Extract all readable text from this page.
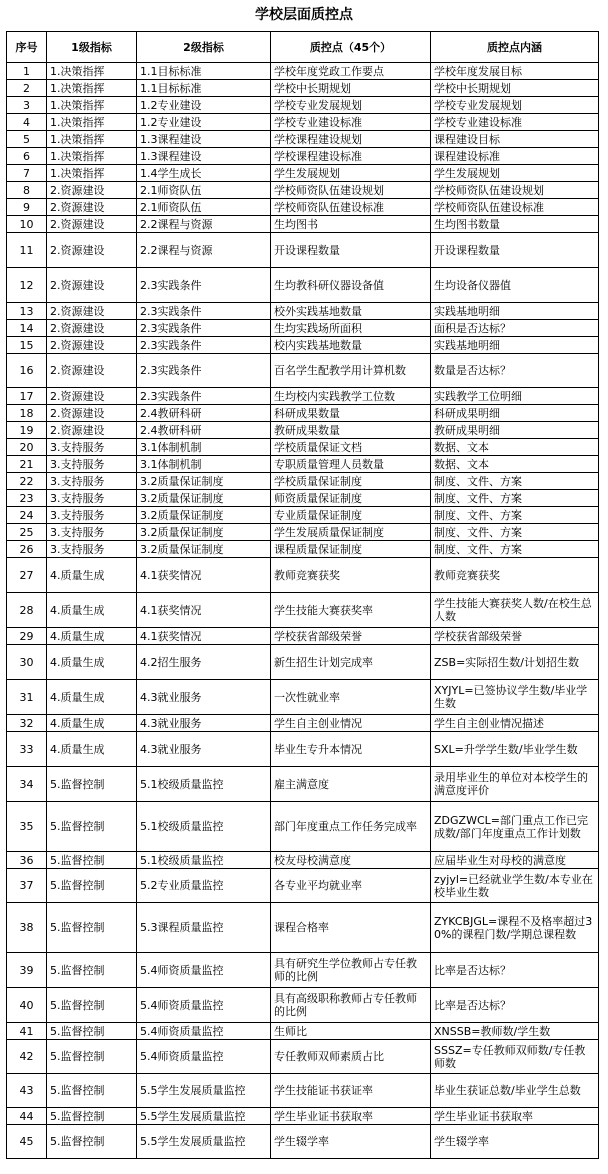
学校层面质控点
序号	1级指标	2级指标	质控点（45个）	质控点内涵
1	1.决策指挥	1.1目标标准	学校年度党政工作要点	学校年度发展目标
2	1.决策指挥	1.1目标标准	学校中长期规划	学校中长期规划
3	1.决策指挥	1.2专业建设	学校专业发展规划	学校专业发展规划
4	1.决策指挥	1.2专业建设	学校专业建设标准	学校专业建设标准
5	1.决策指挥	1.3课程建设	学校课程建设规划	课程建设目标
6	1.决策指挥	1.3课程建设	学校课程建设标准	课程建设标准
7	1.决策指挥	1.4学生成长	学生发展规划	学生发展规划
8	2.资源建设	2.1师资队伍	学校师资队伍建设规划	学校师资队伍建设规划
9	2.资源建设	2.1师资队伍	学校师资队伍建设标准	学校师资队伍建设标准
10	2.资源建设	2.2课程与资源	生均图书	生均图书数量
11	2.资源建设	2.2课程与资源	开设课程数量	开设课程数量
12	2.资源建设	2.3实践条件	生均教科研仪器设备值	生均设备仪器值
13	2.资源建设	2.3实践条件	校外实践基地数量	实践基地明细
14	2.资源建设	2.3实践条件	生均实践场所面积	面积是否达标？
15	2.资源建设	2.3实践条件	校内实践基地数量	实践基地明细
16	2.资源建设	2.3实践条件	百名学生配教学用计算机数	数量是否达标？
17	2.资源建设	2.3实践条件	生均校内实践教学工位数	实践教学工位明细
18	2.资源建设	2.4教研科研	科研成果数量	科研成果明细
19	2.资源建设	2.4教研科研	教研成果数量	教研成果明细
20	3.支持服务	3.1体制机制	学校质量保证文档	数据、文本
21	3.支持服务	3.1体制机制	专职质量管理人员数量	数据、文本
22	3.支持服务	3.2质量保证制度	学校质量保证制度	制度、文件、方案
23	3.支持服务	3.2质量保证制度	师资质量保证制度	制度、文件、方案
24	3.支持服务	3.2质量保证制度	专业质量保证制度	制度、文件、方案
25	3.支持服务	3.2质量保证制度	学生发展质量保证制度	制度、文件、方案
26	3.支持服务	3.2质量保证制度	课程质量保证制度	制度、文件、方案
27	4.质量生成	4.1获奖情况	教师竞赛获奖	教师竞赛获奖
28	4.质量生成	4.1获奖情况	学生技能大赛获奖率	学生技能大赛获奖人数/在校生总人数
29	4.质量生成	4.1获奖情况	学校获省部级荣誉	学校获省部级荣誉
30	4.质量生成	4.2招生服务	新生招生计划完成率	ZSB=实际招生数/计划招生数
31	4.质量生成	4.3就业服务	一次性就业率	XYJYL=已签协议学生数/毕业学生数
32	4.质量生成	4.3就业服务	学生自主创业情况	学生自主创业情况描述
33	4.质量生成	4.3就业服务	毕业生专升本情况	SXL=升学学生数/毕业学生数
34	5.监督控制	5.1校级质量监控	雇主满意度	录用毕业生的单位对本校学生的满意度评价
35	5.监督控制	5.1校级质量监控	部门年度重点工作任务完成率	ZDGZWCL=部门重点工作已完成数/部门年度重点工作计划数
36	5.监督控制	5.1校级质量监控	校友母校满意度	应届毕业生对母校的满意度
37	5.监督控制	5.2专业质量监控	各专业平均就业率	zyjyl=已经就业学生数/本专业在校毕业生数
38	5.监督控制	5.3课程质量监控	课程合格率	ZYKCBJGL=课程不及格率超过30%的课程门数/学期总课程数
39	5.监督控制	5.4师资质量监控	具有研究生学位教师占专任教师的比例	比率是否达标？
40	5.监督控制	5.4师资质量监控	具有高级职称教师占专任教师的比例	比率是否达标？
41	5.监督控制	5.4师资质量监控	生师比	XNSSB=教师数/学生数
42	5.监督控制	5.4师资质量监控	专任教师双师素质占比	SSSZ=专任教师双师数/专任教师数
43	5.监督控制	5.5学生发展质量监控	学生技能证书获证率	毕业生获证总数/毕业学生总数
44	5.监督控制	5.5学生发展质量监控	学生毕业证书获取率	学生毕业证书获取率
45	5.监督控制	5.5学生发展质量监控	学生辍学率	学生辍学率
